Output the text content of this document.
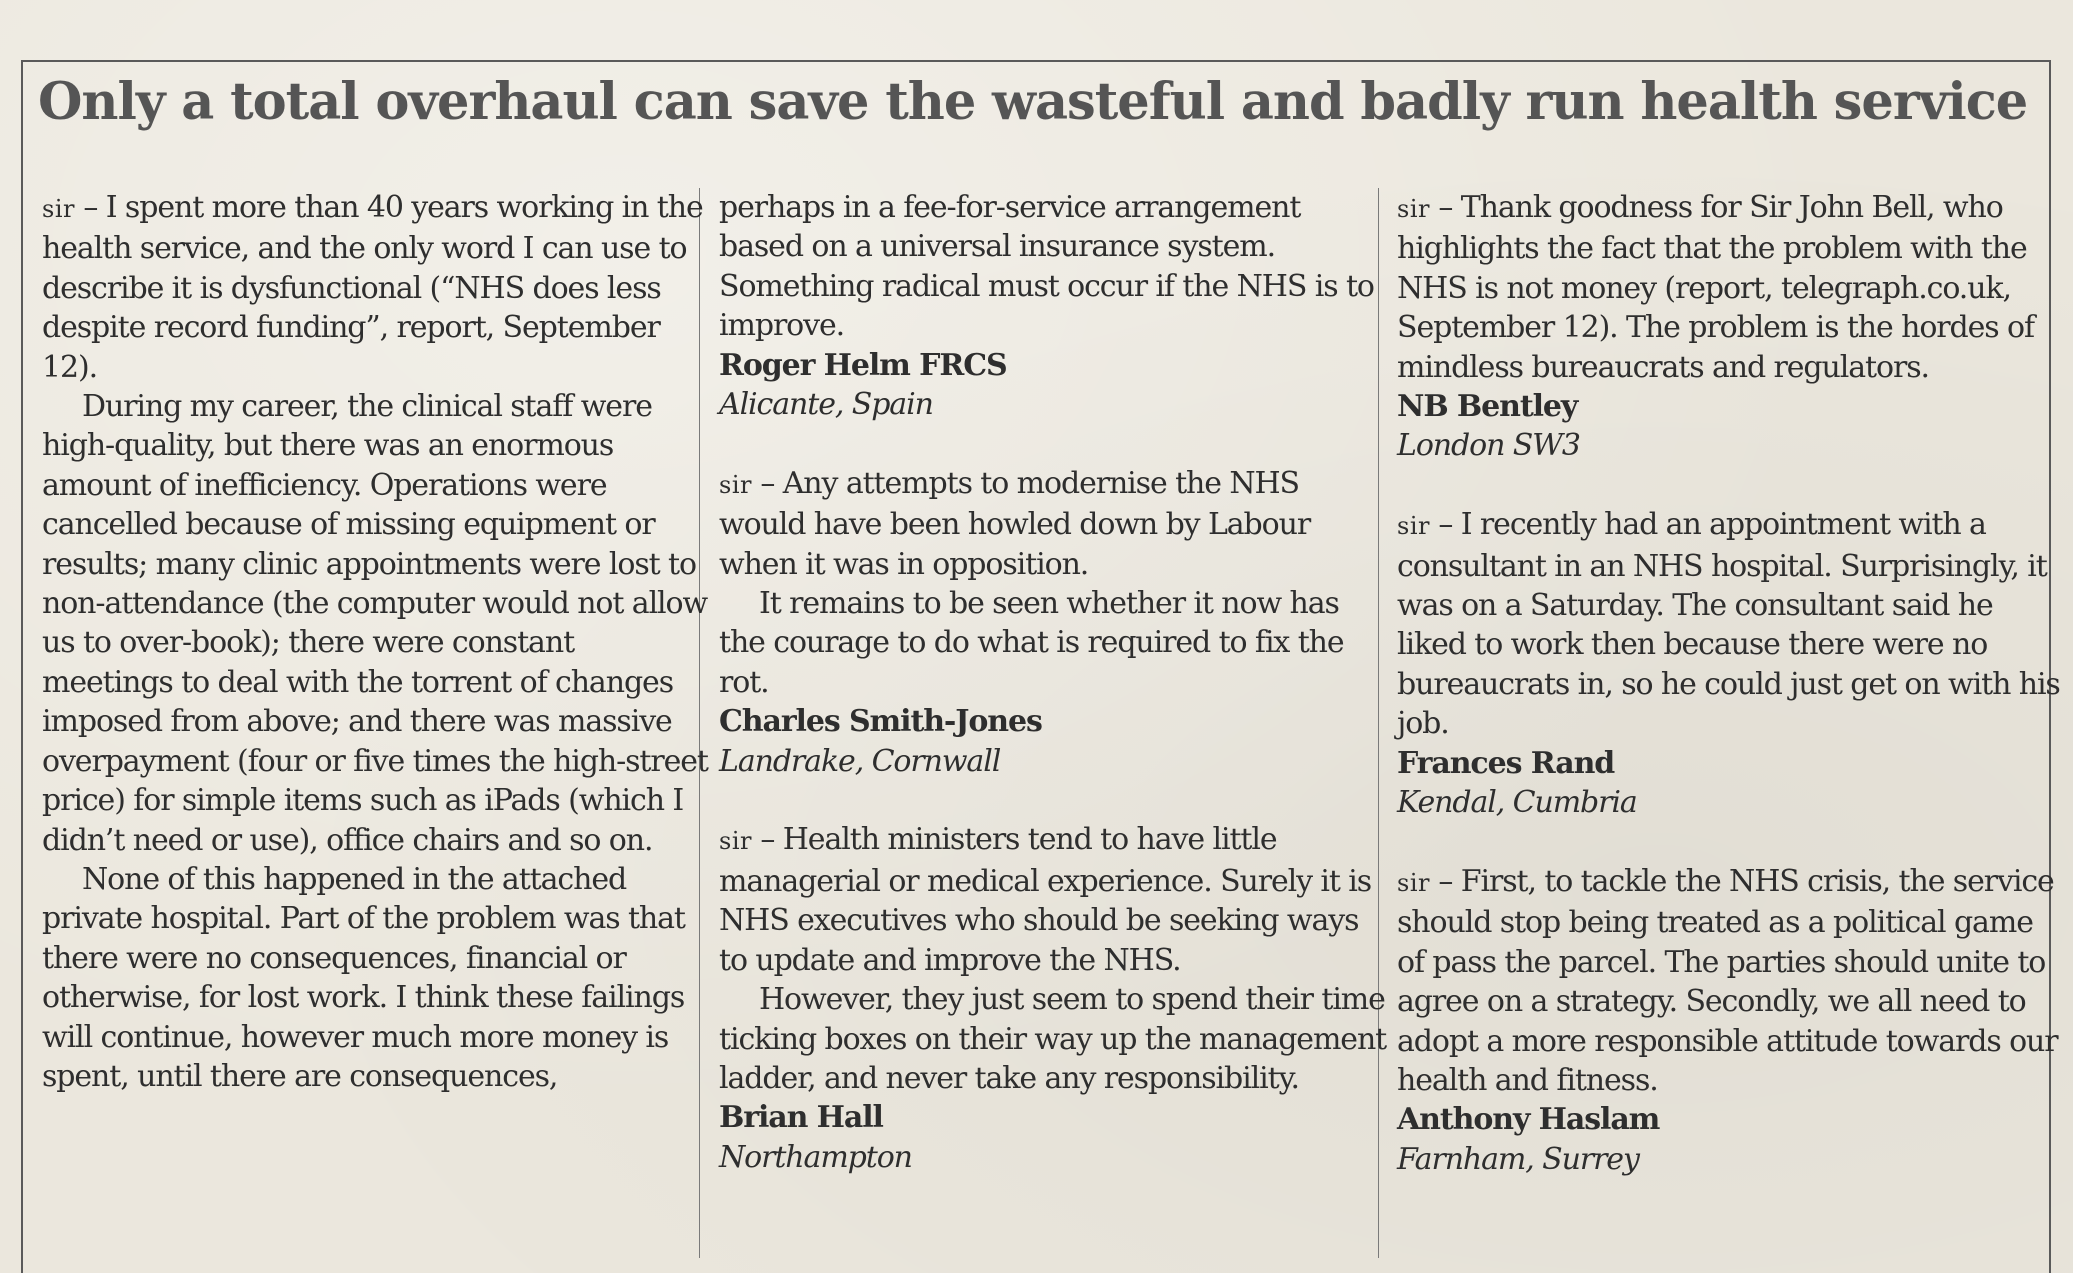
Only a total overhaul can save the wasteful and badly run health service

sir – I spent more than 40 years working in the health service, and the only word I can use to describe it is dysfunctional (“NHS does less despite record funding”, report, September 12).

During my career, the clinical staff were high-quality, but there was an enormous amount of inefficiency. Operations were cancelled because of missing equipment or results; many clinic appointments were lost to non-attendance (the computer would not allow us to over-book); there were constant meetings to deal with the torrent of changes imposed from above; and there was massive overpayment (four or five times the high-street price) for simple items such as iPads (which I didn’t need or use), office chairs and so on.

None of this happened in the attached private hospital. Part of the problem was that there were no consequences, financial or otherwise, for lost work. I think these failings will continue, however much more money is spent, until there are consequences,

perhaps in a fee-for-service arrangement based on a universal insurance system. Something radical must occur if the NHS is to improve.

Roger Helm FRCS

Alicante, Spain

sir – Any attempts to modernise the NHS would have been howled down by Labour when it was in opposition.

It remains to be seen whether it now has the courage to do what is required to fix the rot.

Charles Smith-Jones

Landrake, Cornwall

sir – Health ministers tend to have little managerial or medical experience. Surely it is NHS executives who should be seeking ways to update and improve the NHS.

However, they just seem to spend their time ticking boxes on their way up the management ladder, and never take any responsibility.

Brian Hall

Northampton

sir – Thank goodness for Sir John Bell, who highlights the fact that the problem with the NHS is not money (report, telegraph.co.uk, September 12). The problem is the hordes of mindless bureaucrats and regulators.

NB Bentley

London SW3

sir – I recently had an appointment with a consultant in an NHS hospital. Surprisingly, it was on a Saturday. The consultant said he liked to work then because there were no bureaucrats in, so he could just get on with his job.

Frances Rand

Kendal, Cumbria

sir – First, to tackle the NHS crisis, the service should stop being treated as a political game of pass the parcel. The parties should unite to agree on a strategy. Secondly, we all need to adopt a more responsible attitude towards our health and fitness.

Anthony Haslam

Farnham, Surrey
